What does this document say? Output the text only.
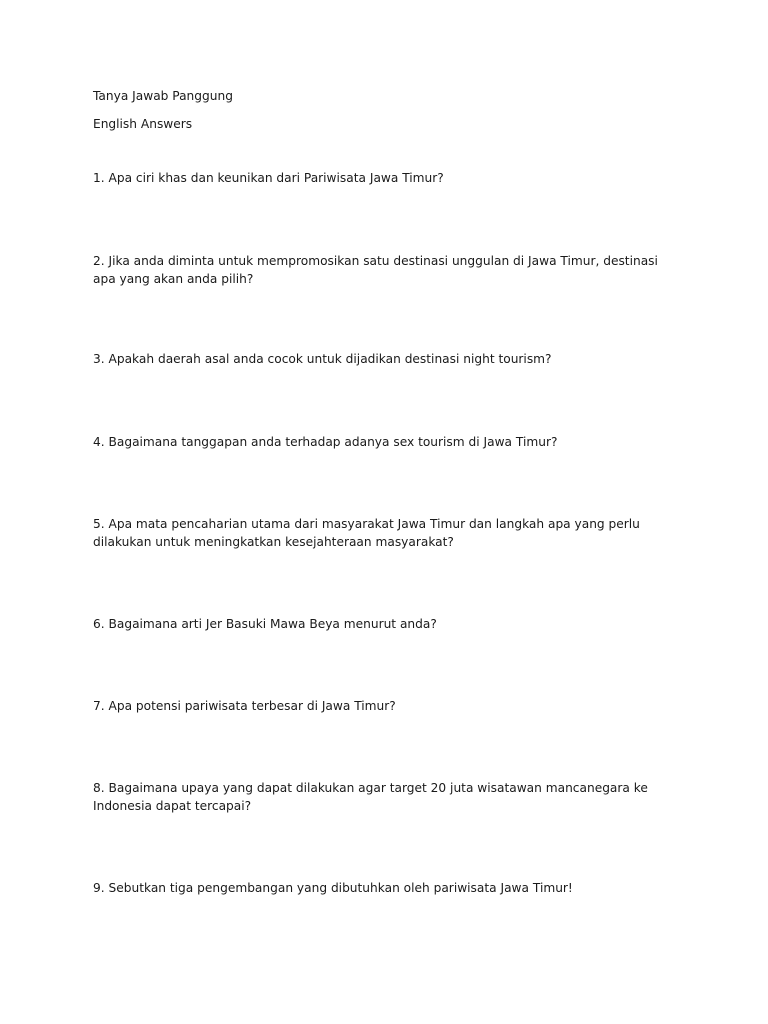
Tanya Jawab Panggung
English Answers
1. Apa ciri khas dan keunikan dari Pariwisata Jawa Timur?
2. Jika anda diminta untuk mempromosikan satu destinasi unggulan di Jawa Timur, destinasi apa yang akan anda pilih?
3. Apakah daerah asal anda cocok untuk dijadikan destinasi night tourism?
4. Bagaimana tanggapan anda terhadap adanya sex tourism di Jawa Timur?
5. Apa mata pencaharian utama dari masyarakat Jawa Timur dan langkah apa yang perlu dilakukan untuk meningkatkan kesejahteraan masyarakat?
6. Bagaimana arti Jer Basuki Mawa Beya menurut anda?
7. Apa potensi pariwisata terbesar di Jawa Timur?
8. Bagaimana upaya yang dapat dilakukan agar target 20 juta wisatawan mancanegara ke Indonesia dapat tercapai?
9. Sebutkan tiga pengembangan yang dibutuhkan oleh pariwisata Jawa Timur!
